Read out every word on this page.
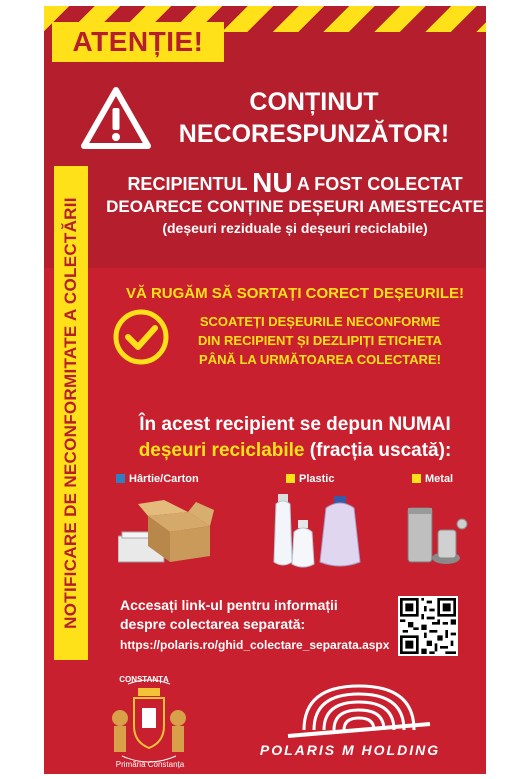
ATENȚIE!
CONȚINUT
NECORESPUNZĂTOR!
RECIPIENTUL NU A FOST COLECTAT
DEOARECE CONȚINE DEȘEURI AMESTECATE
(deșeuri reziduale și deșeuri reciclabile)
NOTIFICARE DE NECONFORMITATE A COLECTĂRII	VĂ RUGĂM SĂ SORTAȚI CORECT DEȘEURILE!
SCOATEȚI DEȘEURILE NECONFORME
DIN RECIPIENT ȘI DEZLIPIȚI ETICHETA
PÂNĂ LA URMĂTOAREA COLECTARE!
În acest recipient se depun NUMAI
deșeuri reciclabile (fracția uscată):
Hârtie/Carton	Plastic	Metal
Accesați link-ul pentru informații
despre colectarea separată:
https://polaris.ro/ghid_colectare_separata.aspx
CONSTANȚA
Primăria Constanța
POLARIS M HOLDING
